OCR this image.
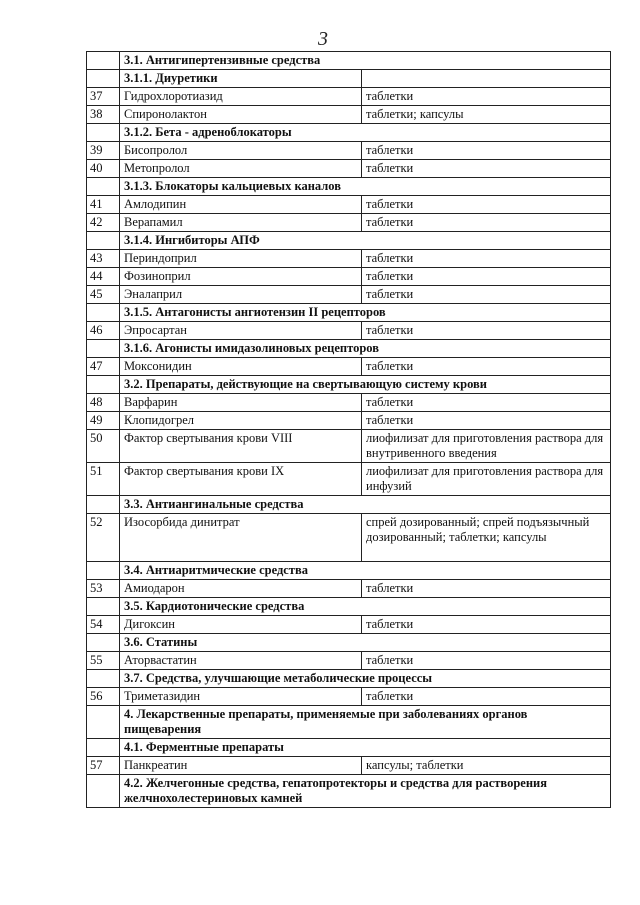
3
	3.1. Антигипертензивные средства	
	3.1.1. Диуретики	
37	Гидрохлоротиазид	таблетки
38	Спиронолактон	таблетки; капсулы
	3.1.2. Бета - адреноблокаторы	
39	Бисопролол	таблетки
40	Метопролол	таблетки
	3.1.3. Блокаторы кальциевых каналов	
41	Амлодипин	таблетки
42	Верапамил	таблетки
	3.1.4. Ингибиторы АПФ	
43	Периндоприл	таблетки
44	Фозиноприл	таблетки
45	Эналаприл	таблетки
	3.1.5. Антагонисты ангиотензин II рецепторов	
46	Эпросартан	таблетки
	3.1.6. Агонисты имидазолиновых рецепторов	
47	Моксонидин	таблетки
	3.2. Препараты, действующие на свертывающую систему крови	
48	Варфарин	таблетки
49	Клопидогрел	таблетки
50	Фактор свертывания крови VIII	лиофилизат для приготовления раствора для внутривенного введения
51	Фактор свертывания крови IX	лиофилизат для приготовления раствора для инфузий
	3.3. Антиангинальные средства	
52	Изосорбида динитрат	спрей дозированный; спрей подъязычный дозированный; таблетки; капсулы
	3.4. Антиаритмические средства	
53	Амиодарон	таблетки
	3.5. Кардиотонические средства	
54	Дигоксин	таблетки
	3.6. Статины	
55	Аторвастатин	таблетки
	3.7. Средства, улучшающие метаболические процессы	
56	Триметазидин	таблетки
	4. Лекарственные препараты, применяемые при заболеваниях органов пищеварения	
	4.1. Ферментные препараты	
57	Панкреатин	капсулы; таблетки
	4.2. Желчегонные средства, гепатопротекторы и средства для растворения желчнохолестериновых камней	
